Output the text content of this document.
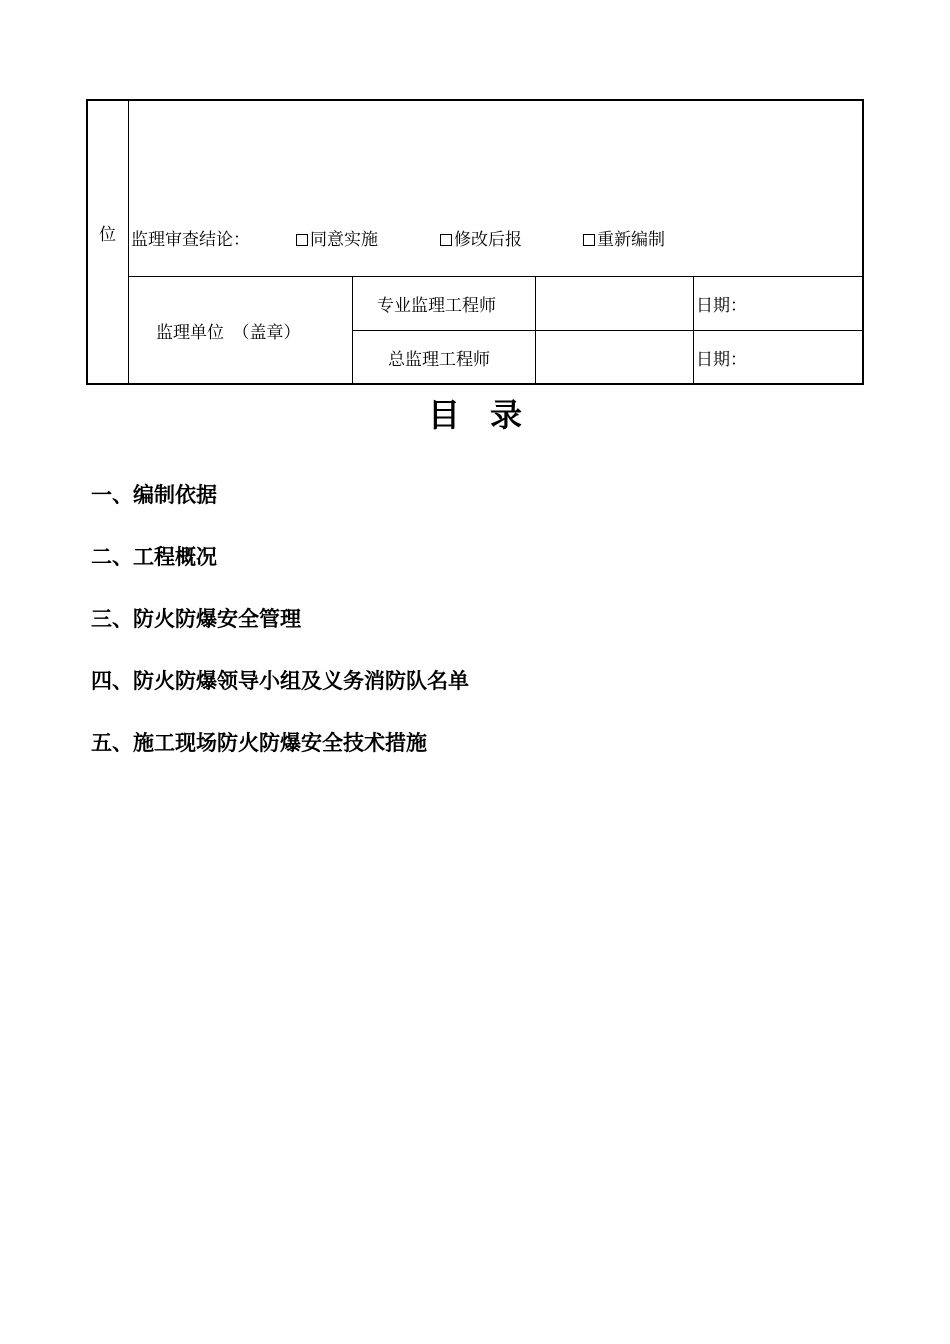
位 监理审查结论：	同意实施	修改后报	重新编制
监理单位　（盖章）
专业监理工程师	日期：
总监理工程师	日期：
目录
一、编制依据
二、工程概况
三、防火防爆安全管理
四、防火防爆领导小组及义务消防队名单
五、施工现场防火防爆安全技术措施
